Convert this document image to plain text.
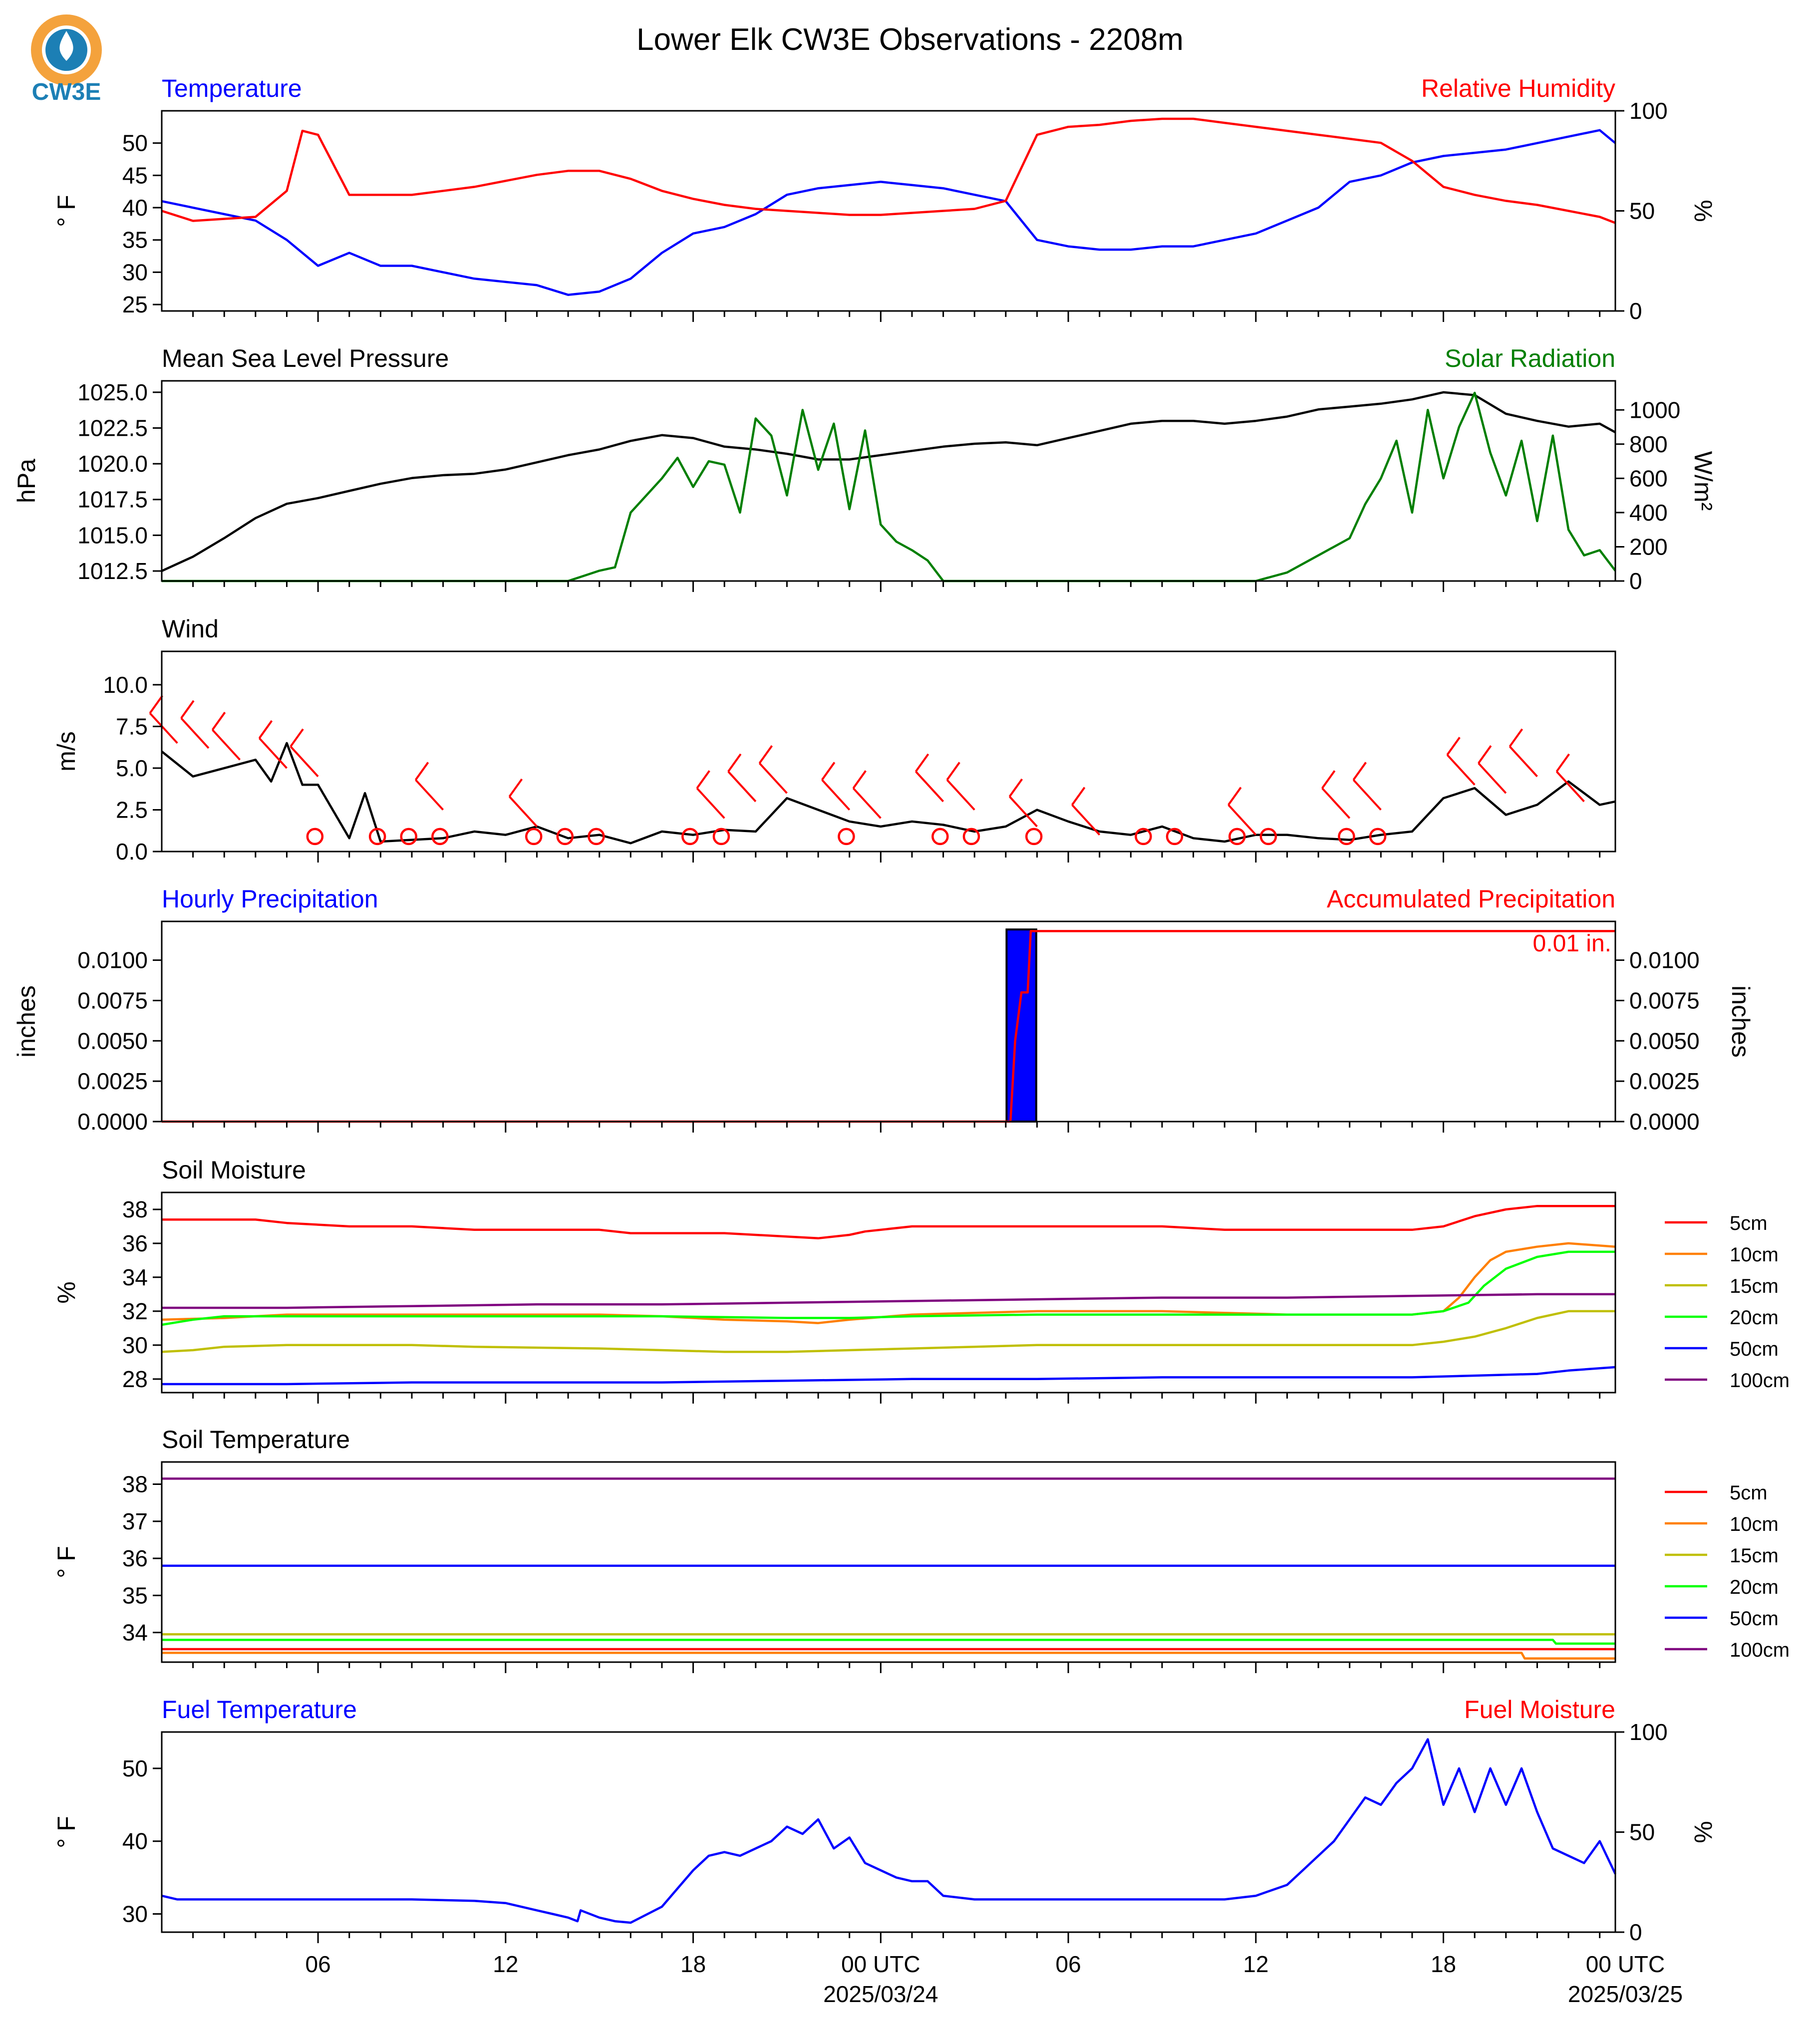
CW3E
Lower Elk CW3E Observations - 2208m
Temperature	Relative Humidity
25
30
35
40
45
50
0
50
100
° F	%
Mean Sea Level Pressure	Solar Radiation
1012.5
1015.0
1017.5
1020.0
1022.5
1025.0
0
200
400
600
800
1000
hPa	W/m²
Wind
0.0
2.5
5.0
7.5
10.0
m/s
Hourly Precipitation	Accumulated Precipitation
0.01 in.
0.0000
0.0025
0.0050
0.0075
0.0100
0.0000
0.0025
0.0050
0.0075
0.0100
inches	inches
Soil Moisture
28
30
32
34
36
38
%
5cm
10cm
15cm
20cm
50cm
100cm
Soil Temperature
34
35
36
37
38
° F
5cm
10cm
15cm
20cm
50cm
100cm
Fuel Temperature	Fuel Moisture
30
40
50
0
50
100
° F	%
06	12	18	00 UTC	06	12	18	00 UTC
2025/03/24	2025/03/25
